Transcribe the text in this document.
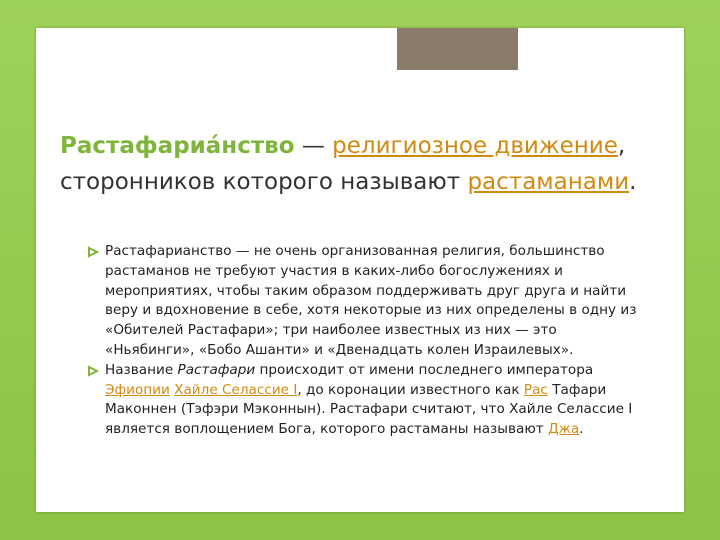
Растафариа́нство — религиозное движение, сторонников которого называют растаманами.
Растафарианство — не очень организованная религия, большинство растаманов не требуют участия в каких-либо богослужениях и мероприятиях, чтобы таким образом поддерживать друг друга и найти веру и вдохновение в себе, хотя некоторые из них определены в одну из «Обителей Растафари»; три наиболее известных из них — это «Ньябинги», «Бобо Ашанти» и «Двенадцать колен Израилевых».
Название Растафари происходит от имени последнего императора Эфиопии Хайле Селассие I, до коронации известного как Рас Тафари Маконнен (Тэфэри Мэконнын). Растафари считают, что Хайле Селассие I является воплощением Бога, которого растаманы называют Джа.
